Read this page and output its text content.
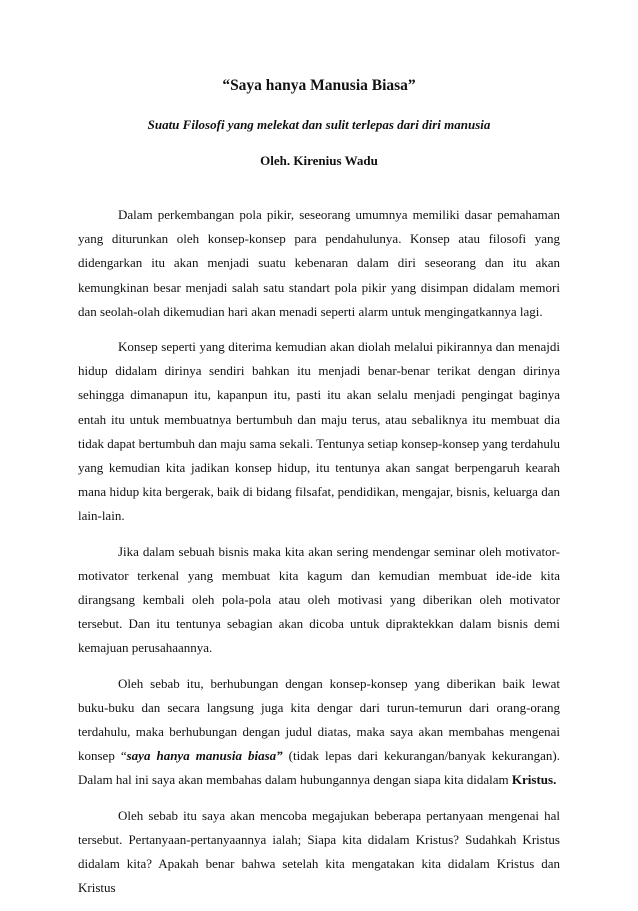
“Saya hanya Manusia Biasa”
Suatu Filosofi yang melekat dan sulit terlepas dari diri manusia
Oleh. Kirenius Wadu

Dalam perkembangan pola pikir, seseorang umumnya memiliki dasar pemahaman yang diturunkan oleh konsep-konsep para pendahulunya. Konsep atau filosofi yang didengarkan itu akan menjadi suatu kebenaran dalam diri seseorang dan itu akan kemungkinan besar menjadi salah satu standart pola pikir yang disimpan didalam memori dan seolah-olah dikemudian hari akan menadi seperti alarm untuk mengingatkannya lagi.

Konsep seperti yang diterima kemudian akan diolah melalui pikirannya dan menajdi hidup didalam dirinya sendiri bahkan itu menjadi benar-benar terikat dengan dirinya sehingga dimanapun itu, kapanpun itu, pasti itu akan selalu menjadi pengingat baginya entah itu untuk membuatnya bertumbuh dan maju terus, atau sebaliknya itu membuat dia tidak dapat bertumbuh dan maju sama sekali. Tentunya setiap konsep-konsep yang terdahulu yang kemudian kita jadikan konsep hidup, itu tentunya akan sangat berpengaruh kearah mana hidup kita bergerak, baik di bidang filsafat, pendidikan, mengajar, bisnis, keluarga dan lain-lain.

Jika dalam sebuah bisnis maka kita akan sering mendengar seminar oleh motivator-motivator terkenal yang membuat kita kagum dan kemudian membuat ide-ide kita dirangsang kembali oleh pola-pola atau oleh motivasi yang diberikan oleh motivator tersebut. Dan itu tentunya sebagian akan dicoba untuk dipraktekkan dalam bisnis demi kemajuan perusahaannya.

Oleh sebab itu, berhubungan dengan konsep-konsep yang diberikan baik lewat buku-buku dan secara langsung juga kita dengar dari turun-temurun dari orang-orang terdahulu, maka berhubungan dengan judul diatas, maka saya akan membahas mengenai konsep “saya hanya manusia biasa” (tidak lepas dari kekurangan/banyak kekurangan). Dalam hal ini saya akan membahas dalam hubungannya dengan siapa kita didalam Kristus.

Oleh sebab itu saya akan mencoba megajukan beberapa pertanyaan mengenai hal tersebut. Pertanyaan-pertanyaannya ialah; Siapa kita didalam Kristus? Sudahkah Kristus didalam kita? Apakah benar bahwa setelah kita mengatakan kita didalam Kristus dan Kristus
